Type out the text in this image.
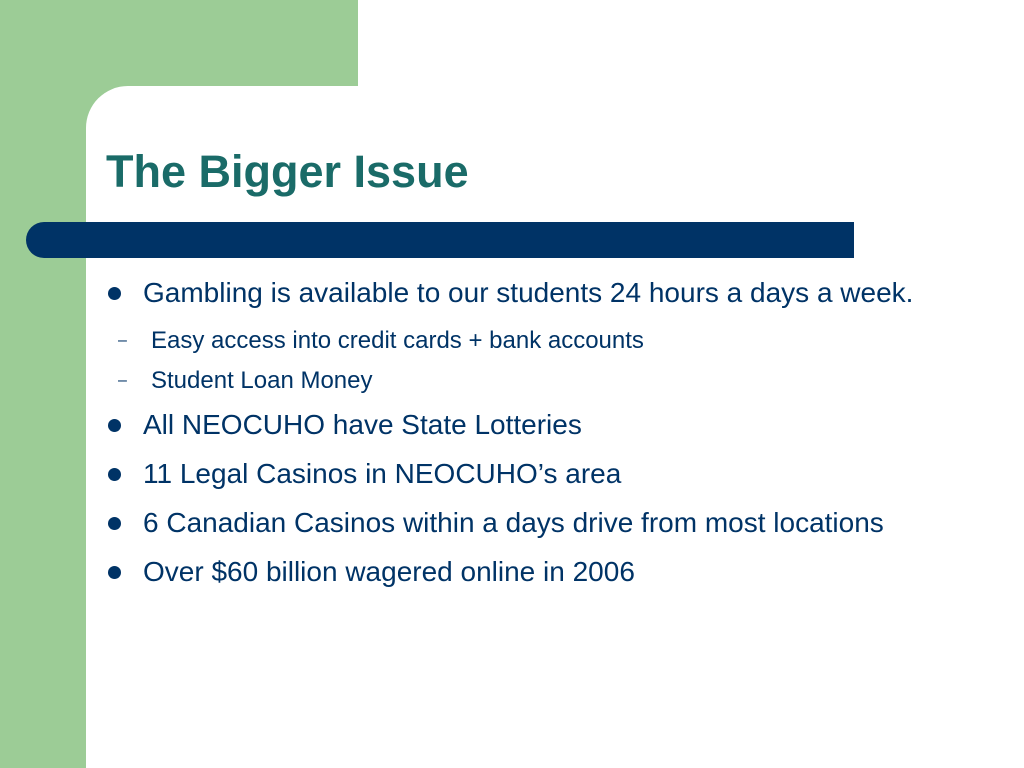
The Bigger Issue
Gambling is available to our students 24 hours a days a week.
– Easy access into credit cards + bank accounts
– Student Loan Money
All NEOCUHO have State Lotteries
11 Legal Casinos in NEOCUHO’s area
6 Canadian Casinos within a days drive from most locations
Over $60 billion wagered online in 2006
